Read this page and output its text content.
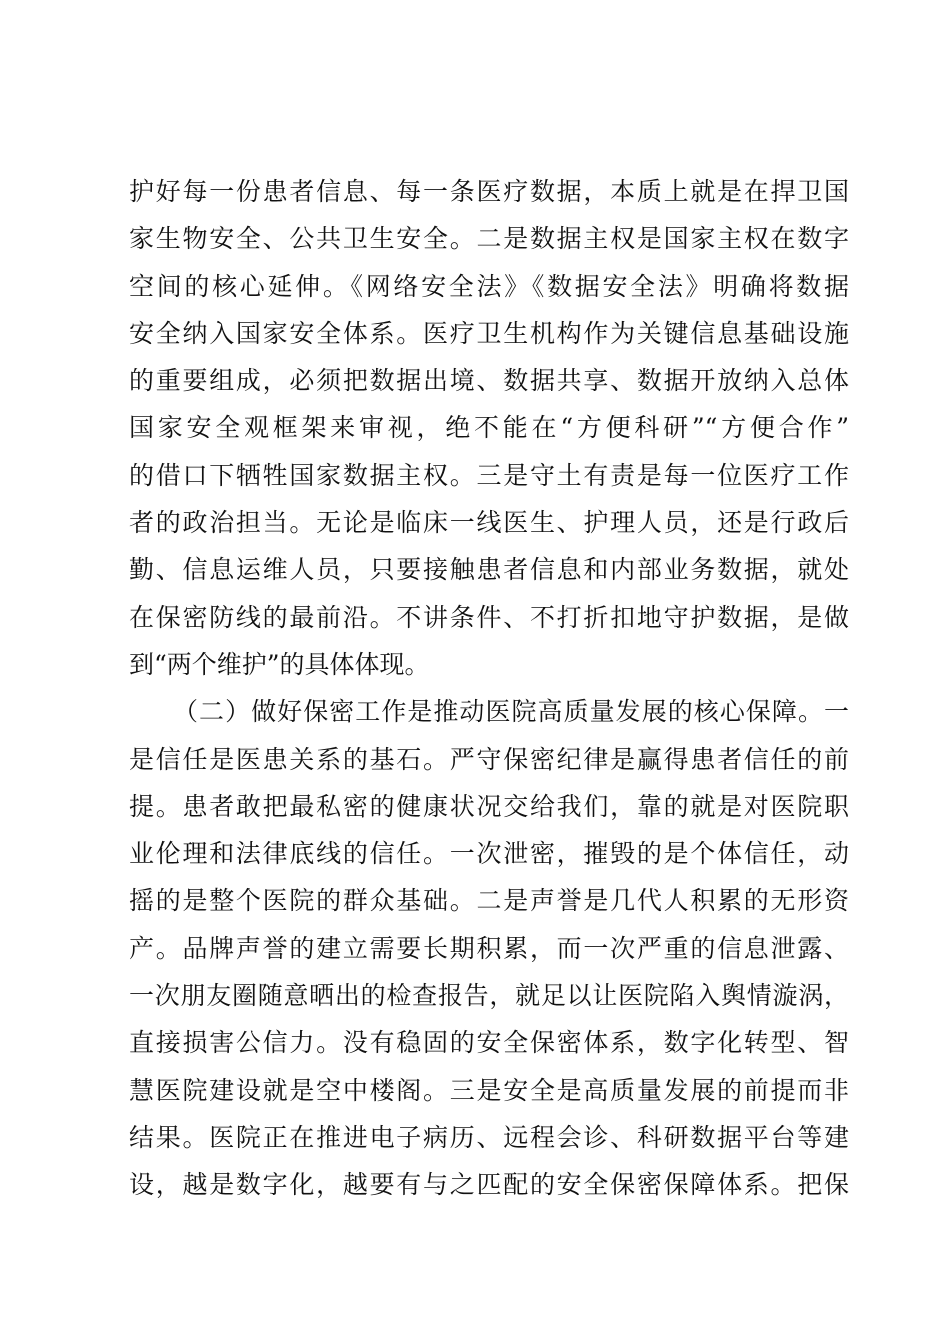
护好每一份患者信息、每一条医疗数据，本质上就是在捍卫国
家生物安全、公共卫生安全。二是数据主权是国家主权在数字
空间的核心延伸。《网络安全法》《数据安全法》明确将数据
安全纳入国家安全体系。医疗卫生机构作为关键信息基础设施
的重要组成，必须把数据出境、数据共享、数据开放纳入总体
国家安全观框架来审视，绝不能在“方便科研”“方便合作”
的借口下牺牲国家数据主权。三是守土有责是每一位医疗工作
者的政治担当。无论是临床一线医生、护理人员，还是行政后
勤、信息运维人员，只要接触患者信息和内部业务数据，就处
在保密防线的最前沿。不讲条件、不打折扣地守护数据，是做
到“两个维护”的具体体现。
（二）做好保密工作是推动医院高质量发展的核心保障。一
是信任是医患关系的基石。严守保密纪律是赢得患者信任的前
提。患者敢把最私密的健康状况交给我们，靠的就是对医院职
业伦理和法律底线的信任。一次泄密，摧毁的是个体信任，动
摇的是整个医院的群众基础。二是声誉是几代人积累的无形资
产。品牌声誉的建立需要长期积累，而一次严重的信息泄露、
一次朋友圈随意晒出的检查报告，就足以让医院陷入舆情漩涡，
直接损害公信力。没有稳固的安全保密体系，数字化转型、智
慧医院建设就是空中楼阁。三是安全是高质量发展的前提而非
结果。医院正在推进电子病历、远程会诊、科研数据平台等建
设，越是数字化，越要有与之匹配的安全保密保障体系。把保
